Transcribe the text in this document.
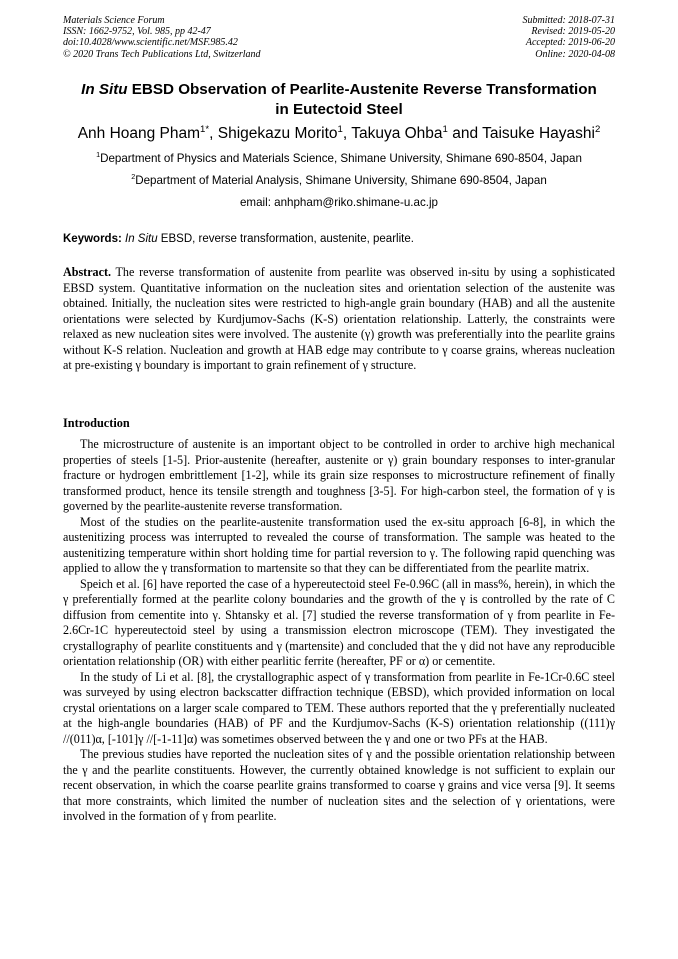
Materials Science Forum
ISSN: 1662-9752, Vol. 985, pp 42-47
doi:10.4028/www.scientific.net/MSF.985.42
© 2020 Trans Tech Publications Ltd, Switzerland
Submitted: 2018-07-31
Revised: 2019-05-20
Accepted: 2019-06-20
Online: 2020-04-08
In Situ EBSD Observation of Pearlite-Austenite Reverse Transformation
in Eutectoid Steel
Anh Hoang Pham$^{1*}$, Shigekazu Morito$^1$, Takuya Ohba$^1$ and Taisuke Hayashi$^2$
$^1$Department of Physics and Materials Science, Shimane University, Shimane 690-8504, Japan
$^2$Department of Material Analysis, Shimane University, Shimane 690-8504, Japan
email: anhpham@riko.shimane-u.ac.jp
Keywords: In Situ EBSD, reverse transformation, austenite, pearlite.
Abstract. The reverse transformation of austenite from pearlite was observed in-situ by using a sophisticated EBSD system. Quantitative information on the nucleation sites and orientation selection of the austenite was obtained. Initially, the nucleation sites were restricted to high-angle grain boundary (HAB) and all the austenite orientations were selected by Kurdjumov-Sachs (K-S) orientation relationship. Latterly, the constraints were relaxed as new nucleation sites were involved. The austenite (γ) growth was preferentially into the pearlite grains without K-S relation. Nucleation and growth at HAB edge may contribute to γ coarse grains, whereas nucleation at pre-existing γ boundary is important to grain refinement of γ structure.
Introduction

The microstructure of austenite is an important object to be controlled in order to archive high mechanical properties of steels [1-5]. Prior-austenite (hereafter, austenite or γ) grain boundary responses to inter-granular fracture or hydrogen embrittlement [1-2], while its grain size responses to microstructure refinement of finally transformed product, hence its tensile strength and toughness [3-5]. For high-carbon steel, the formation of γ is governed by the pearlite-austenite reverse transformation.

Most of the studies on the pearlite-austenite transformation used the ex-situ approach [6-8], in which the austenitizing process was interrupted to revealed the course of transformation. The sample was heated to the austenitizing temperature within short holding time for partial reversion to γ. The following rapid quenching was applied to allow the γ transformation to martensite so that they can be differentiated from the pearlite matrix.

Speich et al. [6] have reported the case of a hypereutectoid steel Fe-0.96C (all in mass%, herein), in which the γ preferentially formed at the pearlite colony boundaries and the growth of the γ is controlled by the rate of C diffusion from cementite into γ. Shtansky et al. [7] studied the reverse transformation of γ from pearlite in Fe-2.6Cr-1C hypereutectoid steel by using a transmission electron microscope (TEM). They investigated the crystallography of pearlite constituents and γ (martensite) and concluded that the γ did not have any reproducible orientation relationship (OR) with either pearlitic ferrite (hereafter, PF or α) or cementite.

In the study of Li et al. [8], the crystallographic aspect of γ transformation from pearlite in Fe-1Cr-0.6C steel was surveyed by using electron backscatter diffraction technique (EBSD), which provided information on local crystal orientations on a larger scale compared to TEM. These authors reported that the γ preferentially nucleated at the high-angle boundaries (HAB) of PF and the Kurdjumov-Sachs (K-S) orientation relationship ((111)γ //(011)α, [-101]γ //[-1-11]α) was sometimes observed between the γ and one or two PFs at the HAB.

The previous studies have reported the nucleation sites of γ and the possible orientation relationship between the γ and the pearlite constituents. However, the currently obtained knowledge is not sufficient to explain our recent observation, in which the coarse pearlite grains transformed to coarse γ grains and vice versa [9]. It seems that more constraints, which limited the number of nucleation sites and the selection of γ orientations, were involved in the formation of γ from pearlite.
